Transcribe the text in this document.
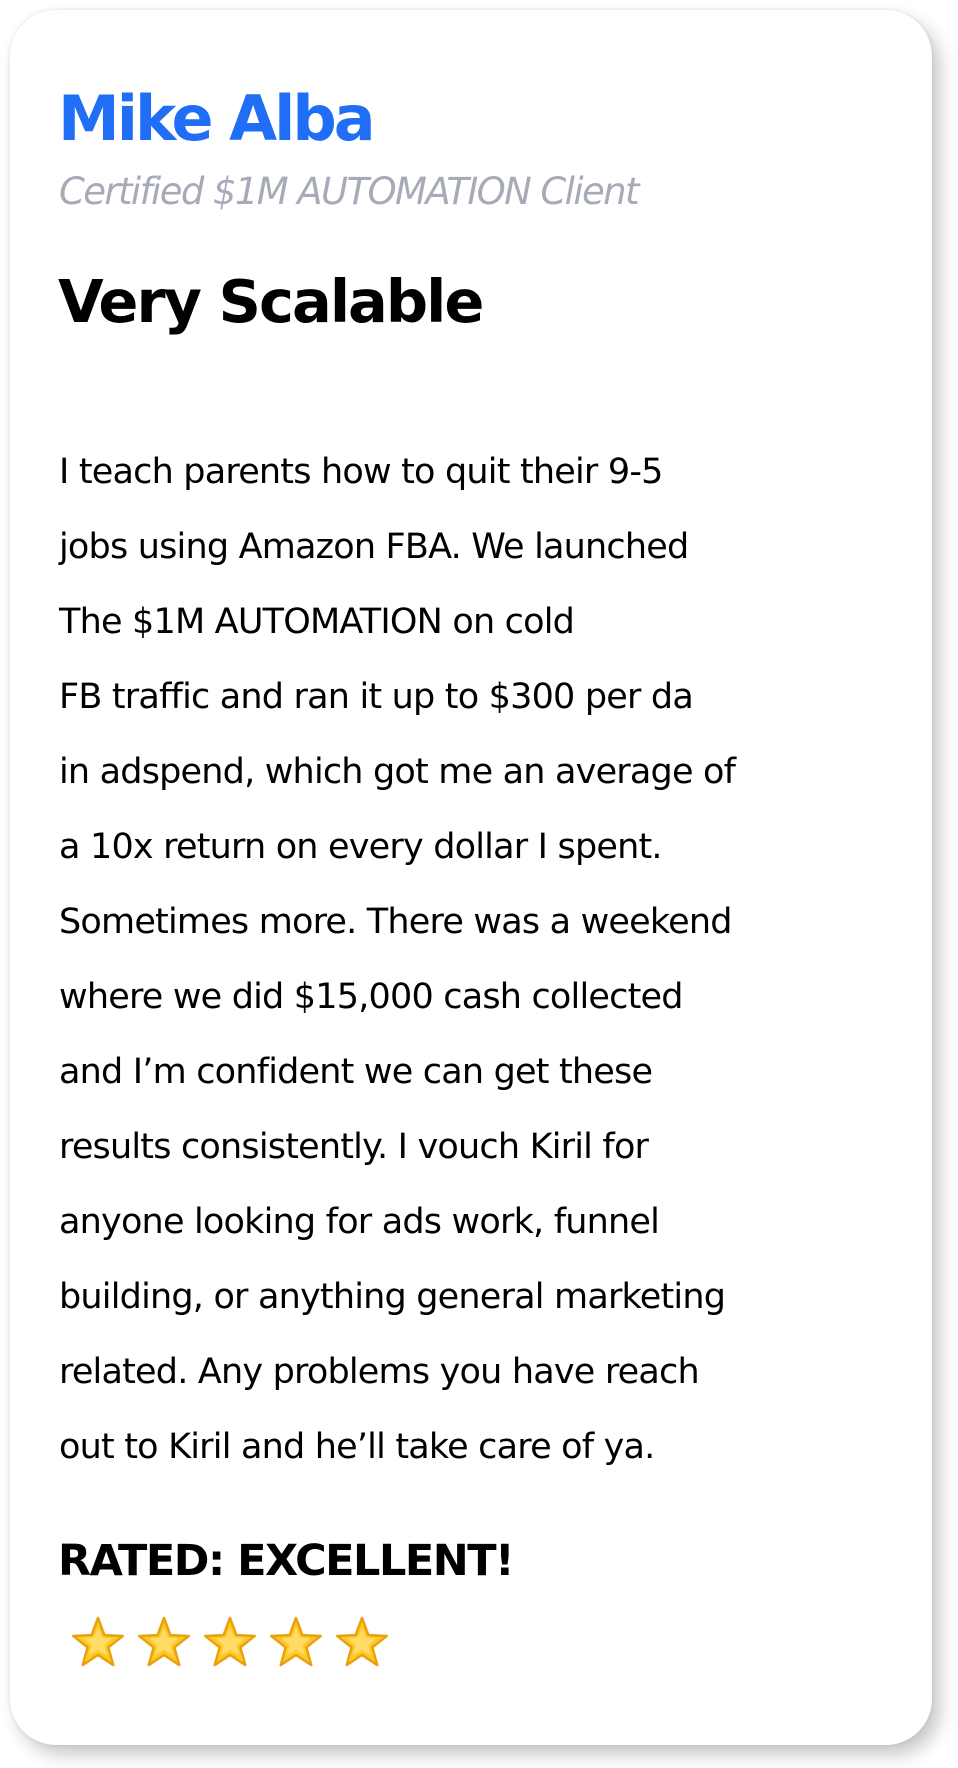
Mike Alba

Certified $1M AUTOMATION Client

Very Scalable
I teach parents how to quit their 9-5
jobs using Amazon FBA. We launched
The $1M AUTOMATION on cold
FB traffic and ran it up to $300 per da
in adspend, which got me an average of
a 10x return on every dollar I spent.
Sometimes more. There was a weekend
where we did $15,000 cash collected
and I’m confident we can get these
results consistently. I vouch Kiril for
anyone looking for ads work, funnel
building, or anything general marketing
related. Any problems you have reach
out to Kiril and he’ll take care of ya.

RATED: EXCELLENT!
